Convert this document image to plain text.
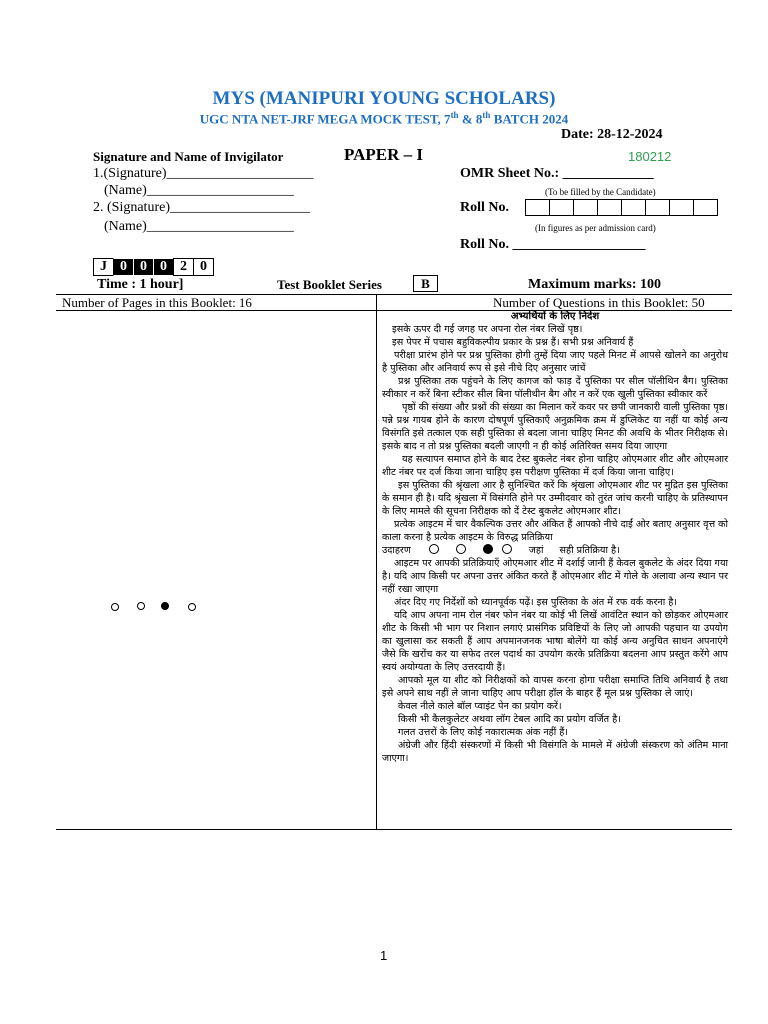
MYS (MANIPURI YOUNG SCHOLARS)
UGC NTA NET-JRF MEGA MOCK TEST, 7th & 8th BATCH 2024
Date: 28-12-2024
180212
Signature and Name of Invigilator
1.(Signature)_____________________
(Name)_____________________
2. (Signature)____________________
(Name)_____________________
PAPER – I
OMR Sheet No.: _____________
(To be filled by the Candidate)
Roll No.
(In figures as per admission card)
Roll No. ___________________
J 0 0 0 2 0
Time : 1 hour]	Test Booklet Series	B	Maximum marks: 100
Number of Pages in this Booklet: 16	Number of Questions in this Booklet: 50
अभ्यर्थियों के लिए निर्देश

इसके ऊपर दी गई जगह पर अपना रोल नंबर लिखें पृष्ठ।

इस पेपर में पचास बहुविकल्पीय प्रकार के प्रश्न हैं। सभी प्रश्न अनिवार्य हैं

परीक्षा प्रारंभ होने पर प्रश्न पुस्तिका होगी तुम्हें दिया जाए पहले मिनट में आपसे खोलने का अनुरोध है पुस्तिका और अनिवार्य रूप से इसे नीचे दिए अनुसार जांचें

प्रश्न पुस्तिका तक पहुंचने के लिए कागज को फाड़ दें पुस्तिका पर सील पॉलीथिन बैग। पुस्तिका स्वीकार न करें बिना स्टीकर सील बिना पॉलीथीन बैग और न करें एक खुली पुस्तिका स्वीकार करें

पृष्ठों की संख्या और प्रश्नों की संख्या का मिलान करें कवर पर छपी जानकारी वाली पुस्तिका पृष्ठ। पन्ने प्रश्न गायब होने के कारण दोषपूर्ण पुस्तिकाएँ अनुक्रमिक क्रम में डुप्लिकेट या नहीं या कोई अन्य विसंगति इसे तत्काल एक सही पुस्तिका से बदला जाना चाहिए मिनट की अवधि के भीतर निरीक्षक से। इसके बाद न तो प्रश्न पुस्तिका बदली जाएगी न ही कोई अतिरिक्त समय दिया जाएगा

यह सत्यापन समाप्त होने के बाद टेस्ट बुकलेट नंबर होना चाहिए ओएमआर शीट और ओएमआर शीट नंबर पर दर्ज किया जाना चाहिए इस परीक्षण पुस्तिका में दर्ज किया जाना चाहिए।

इस पुस्तिका की श्रृंखला आर है सुनिश्चित करें कि श्रृंखला ओएमआर शीट पर मुद्रित इस पुस्तिका के समान ही है। यदि श्रृंखला में विसंगति होने पर उम्मीदवार को तुरंत जांच करनी चाहिए के प्रतिस्थापन के लिए मामले की सूचना निरीक्षक को दें टेस्ट बुकलेट ओएमआर शीट।

प्रत्येक आइटम में चार वैकल्पिक उत्तर और अंकित हैं आपको नीचे दाईं ओर बताए अनुसार वृत्त को काला करना है प्रत्येक आइटम के विरुद्ध प्रतिक्रिया

उदाहरण	जहां सही प्रतिक्रिया है।

आइटम पर आपकी प्रतिक्रियाएँ ओएमआर शीट में दर्शाई जानी हैं केवल बुकलेट के अंदर दिया गया है। यदि आप किसी पर अपना उत्तर अंकित करते हैं ओएमआर शीट में गोले के अलावा अन्य स्थान पर नहीं रखा जाएगा

अंदर दिए गए निर्देशों को ध्यानपूर्वक पढ़ें। इस पुस्तिका के अंत में रफ वर्क करना है।

यदि आप अपना नाम रोल नंबर फोन नंबर या कोई भी लिखें आवंटित स्थान को छोड़कर ओएमआर शीट के किसी भी भाग पर निशान लगाएं प्रासंगिक प्रविष्टियों के लिए जो आपकी पहचान या उपयोग का खुलासा कर सकती हैं आप अपमानजनक भाषा बोलेंगे या कोई अन्य अनुचित साधन अपनाएंगे जैसे कि खरोंच कर या सफेद तरल पदार्थ का उपयोग करके प्रतिक्रिया बदलना आप प्रस्तुत करेंगे आप स्वयं अयोग्यता के लिए उत्तरदायी हैं।

आपको मूल या शीट को निरीक्षकों को वापस करना होगा परीक्षा समाप्ति तिथि अनिवार्य है तथा इसे अपने साथ नहीं ले जाना चाहिए आप परीक्षा हॉल के बाहर हैं मूल प्रश्न पुस्तिका ले जाएं।

केवल नीले काले बॉल प्वाइंट पेन का प्रयोग करें।

किसी भी कैलकुलेटर अथवा लॉग टेबल आदि का प्रयोग वर्जित है।

गलत उत्तरों के लिए कोई नकारात्मक अंक नहीं हैं।

अंग्रेजी और हिंदी संस्करणों में किसी भी विसंगति के मामले में अंग्रेजी संस्करण को अंतिम माना जाएगा।

1
